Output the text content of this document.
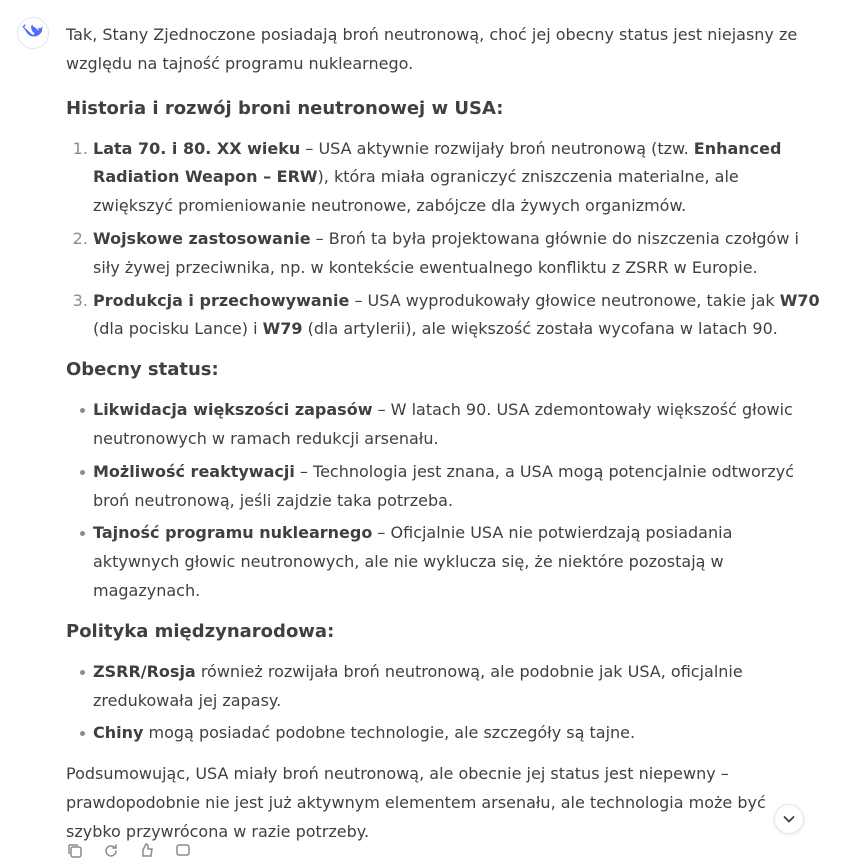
Tak, Stany Zjednoczone posiadają broń neutronową, choć jej obecny status jest niejasny ze względu na tajność programu nuklearnego.

Historia i rozwój broni neutronowej w USA:
1. Lata 70. i 80. XX wieku – USA aktywnie rozwijały broń neutronową (tzw. Enhanced Radiation Weapon – ERW), która miała ograniczyć zniszczenia materialne, ale zwiększyć promieniowanie neutronowe, zabójcze dla żywych organizmów.
2. Wojskowe zastosowanie – Broń ta była projektowana głównie do niszczenia czołgów i siły żywej przeciwnika, np. w kontekście ewentualnego konfliktu z ZSRR w Europie.
3. Produkcja i przechowywanie – USA wyprodukowały głowice neutronowe, takie jak W70 (dla pocisku Lance) i W79 (dla artylerii), ale większość została wycofana w latach 90.
Obecny status:
Likwidacja większości zapasów – W latach 90. USA zdemontowały większość głowic neutronowych w ramach redukcji arsenału.
Możliwość reaktywacji – Technologia jest znana, a USA mogą potencjalnie odtworzyć broń neutronową, jeśli zajdzie taka potrzeba.
Tajność programu nuklearnego – Oficjalnie USA nie potwierdzają posiadania aktywnych głowic neutronowych, ale nie wyklucza się, że niektóre pozostają w magazynach.
Polityka międzynarodowa:
ZSRR/Rosja również rozwijała broń neutronową, ale podobnie jak USA, oficjalnie zredukowała jej zapasy.
Chiny mogą posiadać podobne technologie, ale szczegóły są tajne.

Podsumowując, USA miały broń neutronową, ale obecnie jej status jest niepewny – prawdopodobnie nie jest już aktywnym elementem arsenału, ale technologia może być szybko przywrócona w razie potrzeby.
